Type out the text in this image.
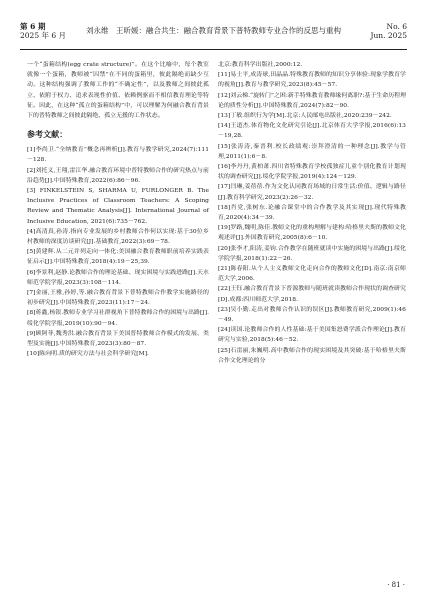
第 6 期
2025 年 6 月
刘永维　王昕媛：融合共生：融合教育背景下普特教师专业合作的反思与重构	No. 6
Jun. 2025

一个“蛋箱结构(egg crate structure)”。在这个比喻中，每个教室就像一个蛋箱，教师被“囚禁”在不同的蛋箱里，彼此隔绝而缺少互动。这种结构强调了教师工作的“不确定性”，以及教师之间彼此孤立、依附于权力、追求表现性价值、依赖例驱而不相信教育理论等特征。因此，在这种“孤立的蛋箱结构”中，可以理解为何融合教育背景下的普特教师之间彼此隔绝、孤立无援的工作状态。

参考文献：
[1]李尚卫.“全纳教育”概念再辨析[J].教育与教学研究,2024(7):111－128.
[2]刘托义,王翔,雷江华.融合教育环境中普特教师合作的研究热点与前沿趋势[J].中国特殊教育,2022(6):86－96.
[3] FINKELSTEIN S, SHARMA U, FURLONGER B. The Inclusive Practices of Classroom Teachers: A Scoping Review and Thematic Analysis[J]. International Journal of Inclusive Education, 2021(6):735－762.
[4]高清真,孙涛.指向专业发展的乡村教师合作何以实现:基于30位乡村教师的深度访谈研究[J].基础教育,2022(3):69－78.
[5]黄建辉.从二元并列走向一体化:美国融合教育教师职前培养实践表征启示[J].中国特殊教育,2018(4):19－25,39.
[6]李景利,赵静.论教师合作的理论基础、现实困境与实践进路[J].天水师范学院学报,2023(3):108－114.
[7]金丽,王雅,孙婷,等.融合教育背景下普特教师合作教学实施路径的初步研究[J].中国特殊教育,2023(11):17－24.
[8]蒋鑫,杨银.教师专业学习社群视角下普特教师合作的困境与出路[J].绥化学院学报,2019(10):90－94.
[9]顾阿菲,魏秀洪.融合教育背景下美国普特教师合作模式的发展、类型及实施[J].中国特殊教育,2023(3):80－87.
[10]陈向明.质的研究方法与社会科学研究[M].
北京:教育科学出版社,2000:12.
[11]易士平,成涛球,田晶晶.特殊教育教师的知识分享体验:现象学教育学的视角[J].教育与教学研究,2023(8):45－57.
[12]刘云梯.“旋转门”之困:新手特殊教育教师缘何离职?:基于生命历程理论的质性分析[J].中国特殊教育,2024(7):82－90.
[13]丁敏.组织行为学[M].北京:人民邮电出版社,2020:239－242.
[14]王道杰.体育物化文化研究引论[J].北京体育大学学报,2016(6):13－19,28.
[15]张涛涛,秦晋利.校长政绩观:崇拜澄清的一种理念[J].教学与管理,2011(1):6－8.
[16]李丹丹,黄柏萧.四川省特殊教育学校孤独症儿童个别化教育计划现状的调查研究[J].绥化学院学报,2019(4):124－129.
[17]闫琳,姜蓓蓓.作为文化认同教育场域的日常生活:价值、逻辑与路径[J].教育科学研究,2023(2):26－32.
[18]肖党,张树东.论融合课堂中的合作教学及其实现[J].现代特殊教育,2020(4):34－39.
[19]罗路,魏明,陈佳.教师文化的重构理解与建构:哈格里夫斯的教师文化观述评[J].外国教育研究,2005(8):6－10.
[20]张李才,阳涛,姜钧.合作教学在随班就读中实施的困境与出路[J].绥化学院学报,2018(1):22－26.
[21]陈春阳.从个人主义教师文化走向合作的教师文化[D].南京:南京师范大学,2006.
[22]王钰.融合教育背景下普源教师与随班就读教师合作现状的调查研究[D].成都:四川师范大学,2018.
[23]吴小勤.走出对教师合作认识的误区[J].教师教育研究,2009(1):46－49.
[24]读国.论教师合作的人性基础:基于美国集怒费学派合作理论[J].教育研究与实验,2018(5):46－52.
[25]石雷丽,朱巍明.高中教师合作的现实困境及其突破:基于哈格里夫斯合作文化理论的分
· 81 ·
